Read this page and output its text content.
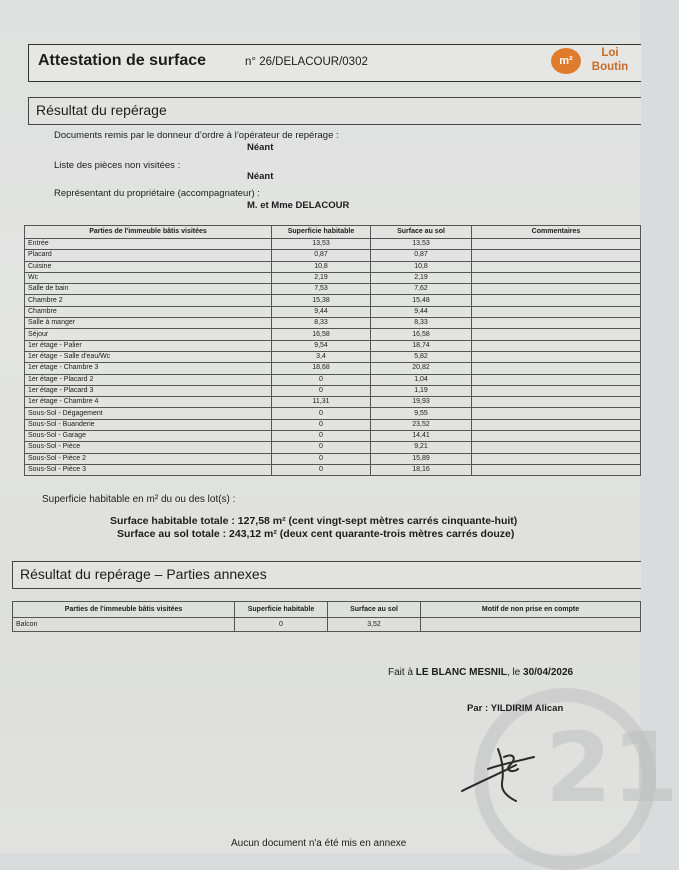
Attestation de surface	n° 26/DELACOUR/0302	m²
Loi
Boutin
Résultat du repérage
Documents remis par le donneur d’ordre à l’opérateur de repérage :
Néant
Liste des pièces non visitées :
Néant
Représentant du propriétaire (accompagnateur) :
M. et Mme DELACOUR
Parties de l'immeuble bâtis visitées	Superficie habitable	Surface au sol	Commentaires
Entrée	13,53	13,53	
Placard	0,87	0,87	
Cuisine	10,8	10,8	
Wc	2,19	2,19	
Salle de bain	7,53	7,62	
Chambre 2	15,38	15,48	
Chambre	9,44	9,44	
Salle à manger	8,33	8,33	
Séjour	16,58	16,58	
1er étage - Palier	9,54	18,74	
1er étage - Salle d'eau/Wc	3,4	5,82	
1er étage - Chambre 3	18,68	20,82	
1er étage - Placard 2	0	1,04	
1er étage - Placard 3	0	1,19	
1er étage - Chambre 4	11,31	19,93	
Sous-Sol - Dégagement	0	9,55	
Sous-Sol - Buanderie	0	23,52	
Sous-Sol - Garage	0	14,41	
Sous-Sol - Pièce	0	9,21	
Sous-Sol - Pièce 2	0	15,89	
Sous-Sol - Pièce 3	0	18,16	
Superficie habitable en m² du ou des lot(s) :
Surface habitable totale : 127,58 m² (cent vingt-sept mètres carrés cinquante-huit)
Surface au sol totale : 243,12 m² (deux cent quarante-trois mètres carrés douze)
Résultat du repérage – Parties annexes
Parties de l'immeuble bâtis visitées	Superficie habitable	Surface au sol	Motif de non prise en compte
Balcon	0	3,52	
21
Fait à LE BLANC MESNIL, le 30/04/2026
Par : YILDIRIM Alican
Aucun document n'a été mis en annexe
